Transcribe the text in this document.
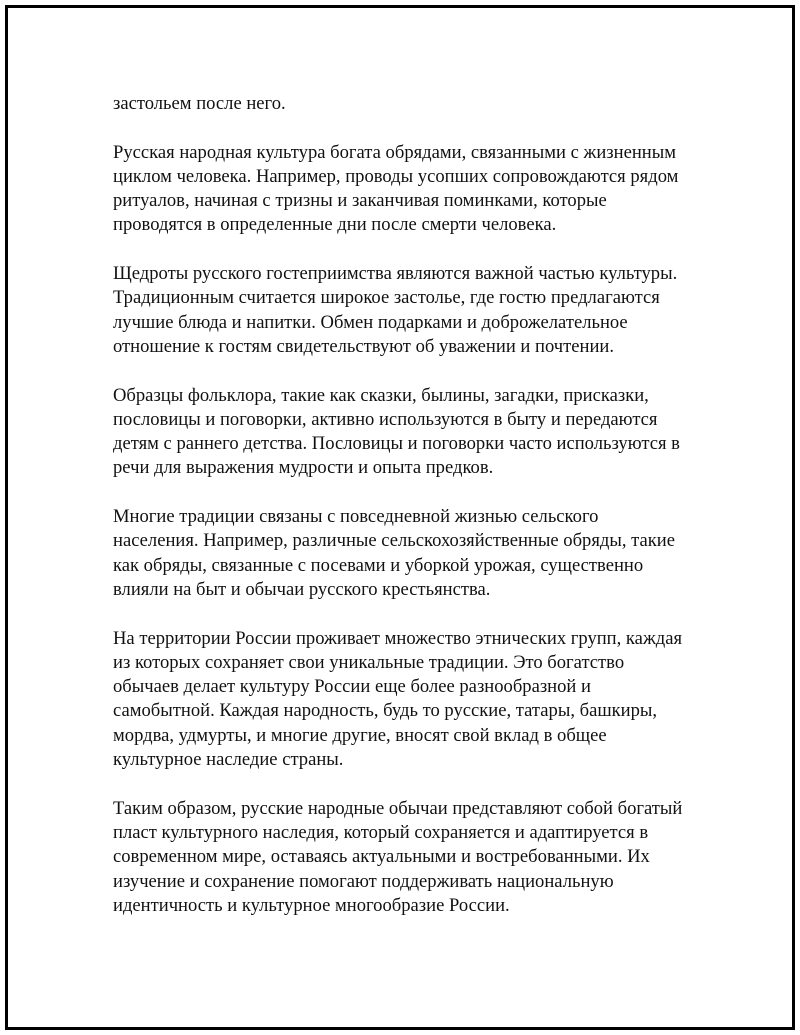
застольем после него.

Русская народная культура богата обрядами, связанными с жизненным
циклом человека. Например, проводы усопших сопровождаются рядом
ритуалов, начиная с тризны и заканчивая поминками, которые
проводятся в определенные дни после смерти человека.

Щедроты русского гостеприимства являются важной частью культуры.
Традиционным считается широкое застолье, где гостю предлагаются
лучшие блюда и напитки. Обмен подарками и доброжелательное
отношение к гостям свидетельствуют об уважении и почтении.

Образцы фольклора, такие как сказки, былины, загадки, присказки,
пословицы и поговорки, активно используются в быту и передаются
детям с раннего детства. Пословицы и поговорки часто используются в
речи для выражения мудрости и опыта предков.

Многие традиции связаны с повседневной жизнью сельского
населения. Например, различные сельскохозяйственные обряды, такие
как обряды, связанные с посевами и уборкой урожая, существенно
влияли на быт и обычаи русского крестьянства.

На территории России проживает множество этнических групп, каждая
из которых сохраняет свои уникальные традиции. Это богатство
обычаев делает культуру России еще более разнообразной и
самобытной. Каждая народность, будь то русские, татары, башкиры,
мордва, удмурты, и многие другие, вносят свой вклад в общее
культурное наследие страны.

Таким образом, русские народные обычаи представляют собой богатый
пласт культурного наследия, который сохраняется и адаптируется в
современном мире, оставаясь актуальными и востребованными. Их
изучение и сохранение помогают поддерживать национальную
идентичность и культурное многообразие России.
